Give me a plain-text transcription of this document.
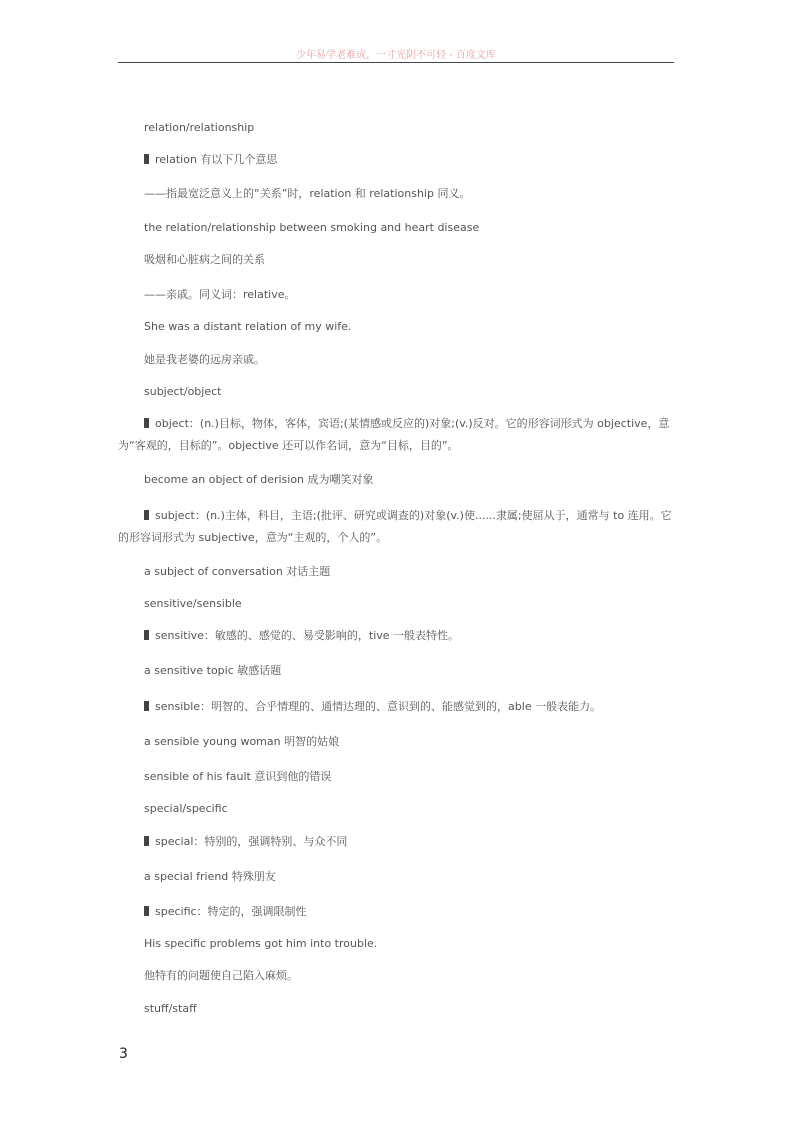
少年易学老难成，一寸光阴不可轻 - 百度文库
relation/relationship
relation 有以下几个意思
——指最宽泛意义上的“关系”时，relation 和 relationship 同义。
the relation/relationship between smoking and heart disease
吸烟和心脏病之间的关系
——亲戚。同义词：relative。
She was a distant relation of my wife.
她是我老婆的远房亲戚。
subject/object
object：(n.)目标，物体，客体，宾语;(某情感或反应的)对象;(v.)反对。它的形容词形式为 objective，意为“客观的，目标的”。objective 还可以作名词，意为“目标，目的”。
become an object of derision 成为嘲笑对象
subject：(n.)主体，科目，主语;(批评、研究或调查的)对象(v.)使......隶属;使屈从于，通常与 to 连用。它的形容词形式为 subjective，意为“主观的，个人的”。
a subject of conversation 对话主题
sensitive/sensible
sensitive：敏感的、感觉的、易受影响的，tive 一般表特性。
a sensitive topic 敏感话题
sensible：明智的、合乎情理的、通情达理的、意识到的、能感觉到的，able 一般表能力。
a sensible young woman 明智的姑娘
sensible of his fault 意识到他的错误
special/specific
special：特别的，强调特别、与众不同
a special friend 特殊朋友
specific：特定的，强调限制性
His specific problems got him into trouble.
他特有的问题使自己陷入麻烦。
stuff/staff
3
